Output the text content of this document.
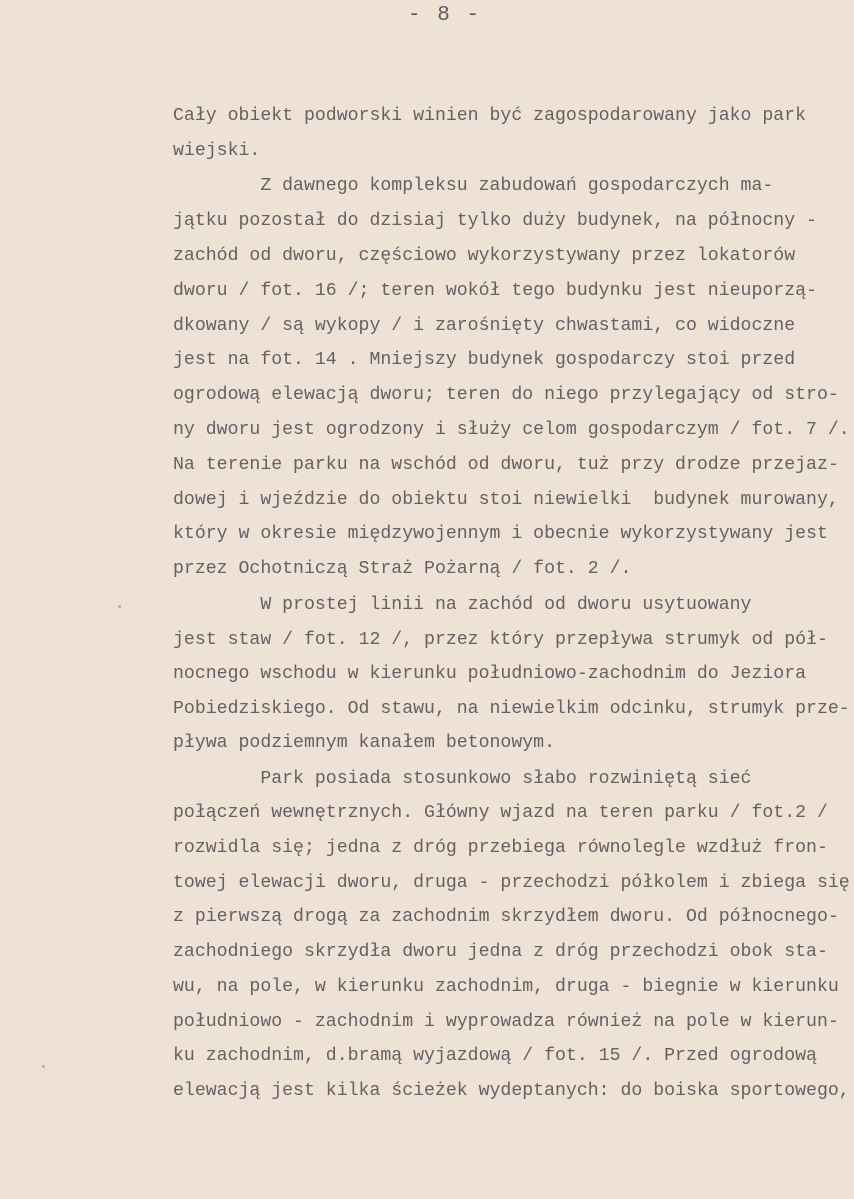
- 8 -
Cały obiekt podworski winien być zagospodarowany jako park
wiejski.
Z dawnego kompleksu zabudowań gospodarczych ma-
jątku pozostał do dzisiaj tylko duży budynek, na północny -
zachód od dworu, częściowo wykorzystywany przez lokatorów
dworu / fot. 16 /; teren wokół tego budynku jest nieuporzą-
dkowany / są wykopy / i zarośnięty chwastami, co widoczne
jest na fot. 14 . Mniejszy budynek gospodarczy stoi przed
ogrodową elewacją dworu; teren do niego przylegający od stro-
ny dworu jest ogrodzony i służy celom gospodarczym / fot. 7 /.
Na terenie parku na wschód od dworu, tuż przy drodze przejaz-
dowej i wjeździe do obiektu stoi niewielki  budynek murowany,
który w okresie międzywojennym i obecnie wykorzystywany jest
przez Ochotniczą Straż Pożarną / fot. 2 /.
W prostej linii na zachód od dworu usytuowany
jest staw / fot. 12 /, przez który przepływa strumyk od pół-
nocnego wschodu w kierunku południowo-zachodnim do Jeziora
Pobiedziskiego. Od stawu, na niewielkim odcinku, strumyk prze-
pływa podziemnym kanałem betonowym.
Park posiada stosunkowo słabo rozwiniętą sieć
połączeń wewnętrznych. Główny wjazd na teren parku / fot.2 /
rozwidla się; jedna z dróg przebiega równolegle wzdłuż fron-
towej elewacji dworu, druga - przechodzi półkolem i zbiega się
z pierwszą drogą za zachodnim skrzydłem dworu. Od północnego-
zachodniego skrzydła dworu jedna z dróg przechodzi obok sta-
wu, na pole, w kierunku zachodnim, druga - biegnie w kierunku
południowo - zachodnim i wyprowadza również na pole w kierun-
ku zachodnim, d.bramą wyjazdową / fot. 15 /. Przed ogrodową
elewacją jest kilka ścieżek wydeptanych: do boiska sportowego,
